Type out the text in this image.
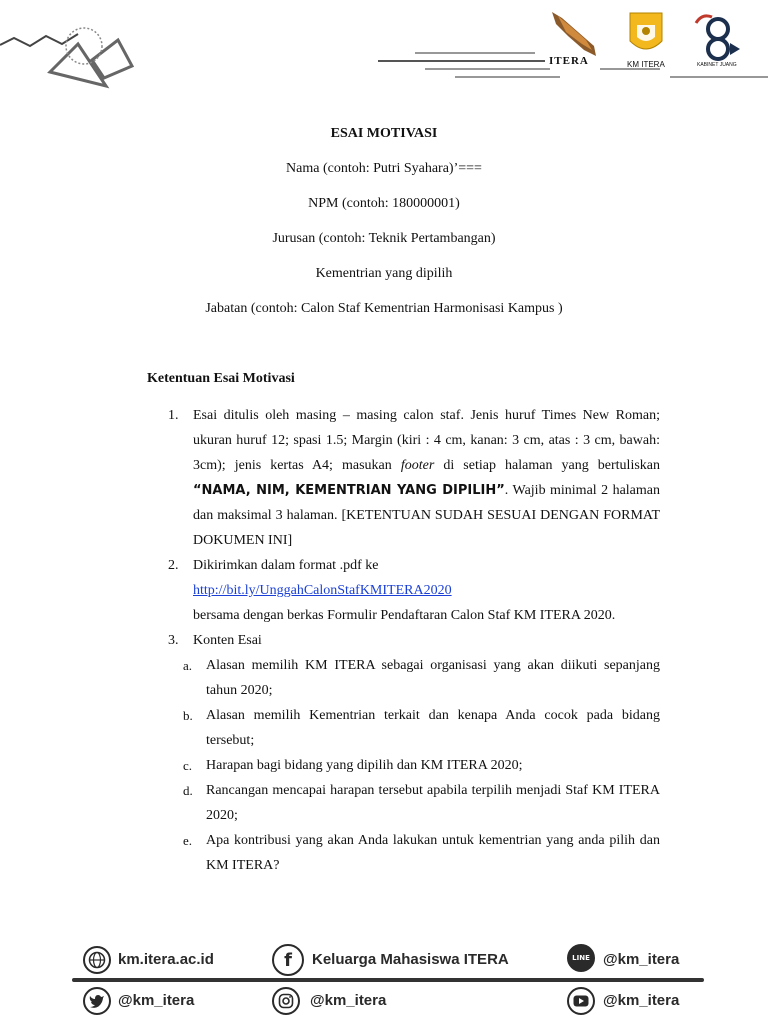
ITERA	KM ITERA	KABINET JUANG
ESAI MOTIVASI
Nama (contoh: Putri Syahara)’===
NPM (contoh: 180000001)
Jurusan (contoh: Teknik Pertambangan)
Kementrian yang dipilih
Jabatan (contoh: Calon Staf Kementrian Harmonisasi Kampus )
Ketentuan Esai Motivasi
1. Esai ditulis oleh masing – masing calon staf. Jenis huruf Times New Roman; ukuran huruf 12; spasi 1.5; Margin (kiri : 4 cm, kanan: 3 cm, atas : 3 cm, bawah: 3cm); jenis kertas A4; masukan footer di setiap halaman yang bertuliskan “NAMA, NIM, KEMENTRIAN YANG DIPILIH”. Wajib minimal 2 halaman dan maksimal 3 halaman. [KETENTUAN SUDAH SESUAI DENGAN FORMAT DOKUMEN INI]
2. Dikirimkan dalam format .pdf ke
http://bit.ly/UnggahCalonStafKMITERA2020
bersama dengan berkas Formulir Pendaftaran Calon Staf KM ITERA 2020.
3. Konten Esai
a. Alasan memilih KM ITERA sebagai organisasi yang akan diikuti sepanjang tahun 2020;
b. Alasan memilih Kementrian terkait dan kenapa Anda cocok pada bidang tersebut;
c. Harapan bagi bidang yang dipilih dan KM ITERA 2020;
d. Rancangan mencapai harapan tersebut apabila terpilih menjadi Staf KM ITERA 2020;
e. Apa kontribusi yang akan Anda lakukan untuk kementrian yang anda pilih dan KM ITERA?
km.itera.ac.id	f	Keluarga Mahasiswa ITERA	LINE @km_itera
@km_itera	@km_itera	@km_itera
